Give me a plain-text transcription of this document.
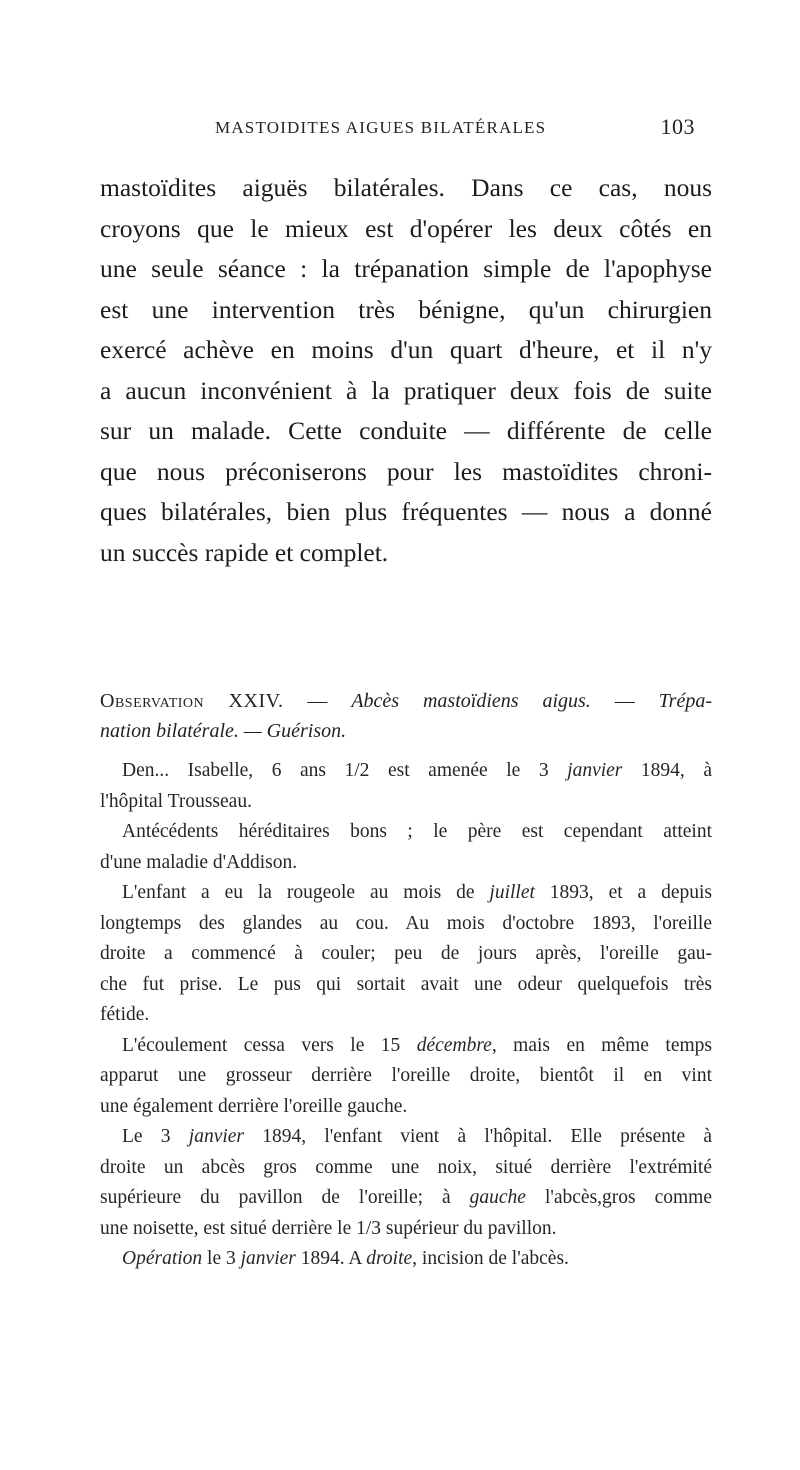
MASTOIDITES AIGUES BILATÉRALES	103
mastoïdites aiguës bilatérales. Dans ce cas, nous
croyons que le mieux est d'opérer les deux côtés en
une seule séance : la trépanation simple de l'apophyse
est une intervention très bénigne, qu'un chirurgien
exercé achève en moins d'un quart d'heure, et il n'y
a aucun inconvénient à la pratiquer deux fois de suite
sur un malade. Cette conduite — différente de celle
que nous préconiserons pour les mastoïdites chroni-
ques bilatérales, bien plus fréquentes — nous a donné
un succès rapide et complet.
Observation XXIV. — Abcès mastoïdiens aigus. — Trépa-
nation bilatérale. — Guérison.
Den... Isabelle, 6 ans 1/2 est amenée le 3 janvier 1894, à
l'hôpital Trousseau.
Antécédents héréditaires bons ; le père est cependant atteint
d'une maladie d'Addison.
L'enfant a eu la rougeole au mois de juillet 1893, et a depuis
longtemps des glandes au cou. Au mois d'octobre 1893, l'oreille
droite a commencé à couler; peu de jours après, l'oreille gau-
che fut prise. Le pus qui sortait avait une odeur quelquefois très
fétide.
L'écoulement cessa vers le 15 décembre, mais en même temps
apparut une grosseur derrière l'oreille droite, bientôt il en vint
une également derrière l'oreille gauche.
Le 3 janvier 1894, l'enfant vient à l'hôpital. Elle présente à
droite un abcès gros comme une noix, situé derrière l'extrémité
supérieure du pavillon de l'oreille; à gauche l'abcès,gros comme
une noisette, est situé derrière le 1/3 supérieur du pavillon.
Opération le 3 janvier 1894. A droite, incision de l'abcès.
